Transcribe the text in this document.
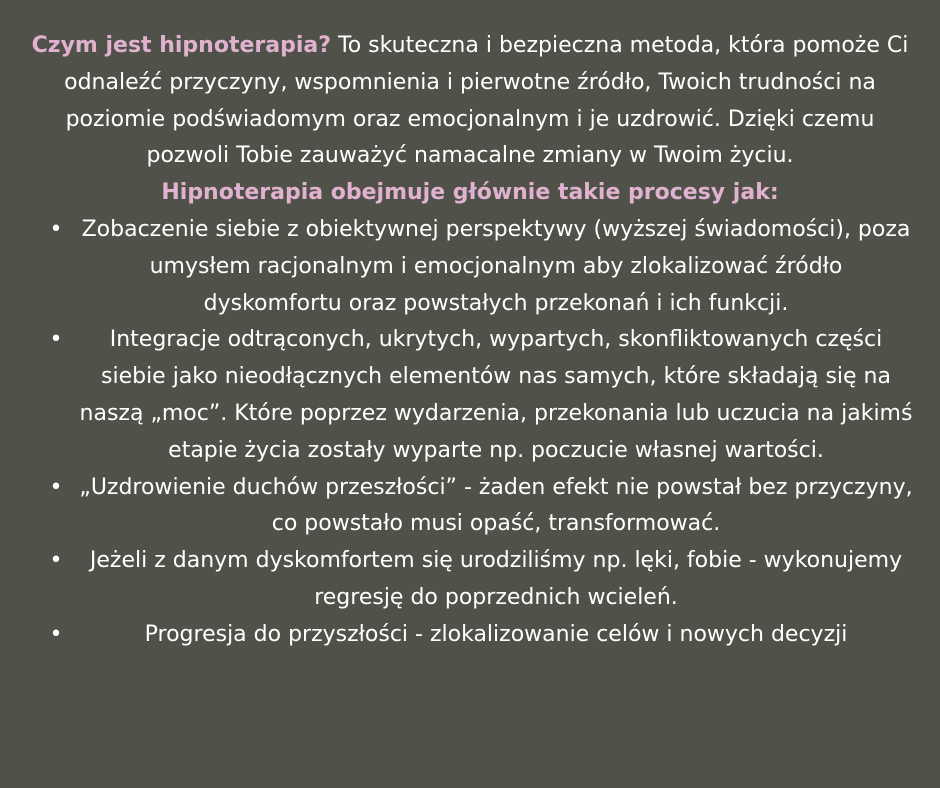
Czym jest hipnoterapia? To skuteczna i bezpieczna metoda, która pomoże Ci odnaleźć przyczyny, wspomnienia i pierwotne źródło, Twoich trudności na poziomie podświadomym oraz emocjonalnym i je uzdrowić. Dzięki czemu pozwoli Tobie zauważyć namacalne zmiany w Twoim życiu.

Hipnoterapia obejmuje głównie takie procesy jak:

• Zobaczenie siebie z obiektywnej perspektywy (wyższej świadomości), poza umysłem racjonalnym i emocjonalnym aby zlokalizować źródło dyskomfortu oraz powstałych przekonań i ich funkcji.
• Integracje odtrąconych, ukrytych, wypartych, skonfliktowanych części siebie jako nieodłącznych elementów nas samych, które składają się na naszą „moc”. Które poprzez wydarzenia, przekonania lub uczucia na jakimś etapie życia zostały wyparte np. poczucie własnej wartości.
• „Uzdrowienie duchów przeszłości” - żaden efekt nie powstał bez przyczyny, co powstało musi opaść, transformować.
• Jeżeli z danym dyskomfortem się urodziliśmy np. lęki, fobie - wykonujemy regresję do poprzednich wcieleń.
•	Progresja do przyszłości - zlokalizowanie celów i nowych decyzji
